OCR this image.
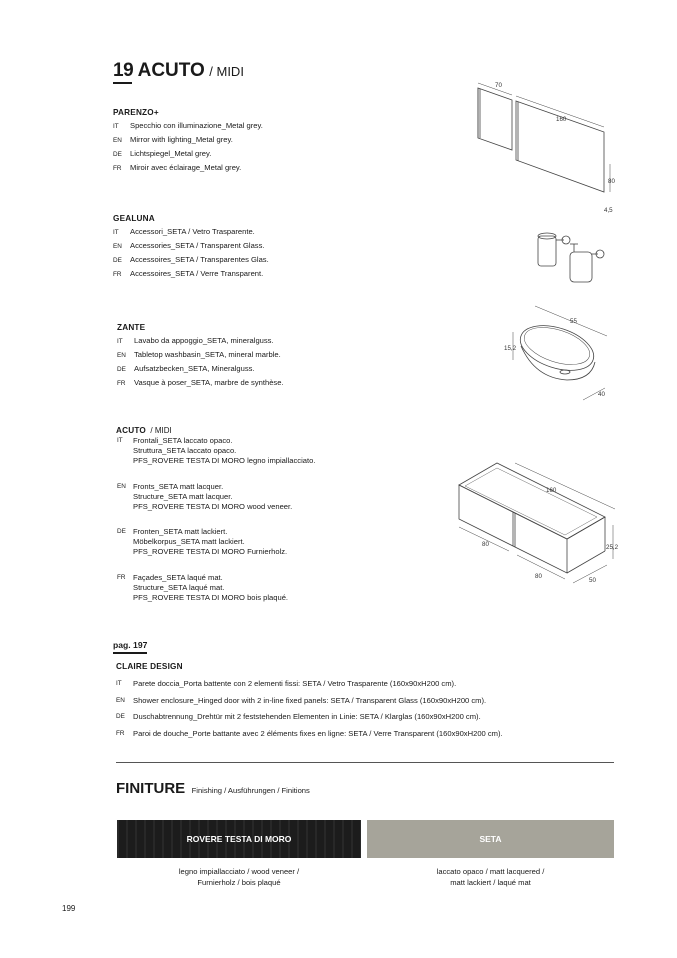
19 ACUTO / MIDI
PARENZO+
IT Specchio con illuminazione_Metal grey.
EN Mirror with lighting_Metal grey.
DE Lichtspiegel_Metal grey.
FR Miroir avec éclairage_Metal grey.
70
160
80
4,5
GEALUNA
IT Accessori_SETA / Vetro Trasparente.
EN Accessories_SETA / Transparent Glass.
DE Accessoires_SETA / Transparentes Glas.
FR Accessoires_SETA / Verre Transparent.
ZANTE
IT Lavabo da appoggio_SETA, mineralguss.
EN Tabletop washbasin_SETA, mineral marble.
DE Aufsatzbecken_SETA, Mineralguss.
FR Vasque à poser_SETA, marbre de synthèse.
55
15,2
40
ACUTO / MIDI
IT Frontali_SETA laccato opaco.
Struttura_SETA laccato opaco.
PFS_ROVERE TESTA DI MORO legno impiallacciato.
EN Fronts_SETA matt lacquer.
Structure_SETA matt lacquer.
PFS_ROVERE TESTA DI MORO wood veneer.
DE Fronten_SETA matt lackiert.
Möbelkorpus_SETA matt lackiert.
PFS_ROVERE TESTA DI MORO Furnierholz.
FR Façades_SETA laqué mat.
Structure_SETA laqué mat.
PFS_ROVERE TESTA DI MORO bois plaqué.
160
80
80
25,2
50
pag. 197
CLAIRE DESIGN
IT Parete doccia_Porta battente con 2 elementi fissi: SETA / Vetro Trasparente (160x90xH200 cm).
EN Shower enclosure_Hinged door with 2 in-line fixed panels: SETA / Transparent Glass (160x90xH200 cm).
DE Duschabtrennung_Drehtür mit 2 feststehenden Elementen in Linie: SETA / Klarglas (160x90xH200 cm).
FR Paroi de douche_Porte battante avec 2 éléments fixes en ligne: SETA / Verre Transparent (160x90xH200 cm).
FINITURE Finishing / Ausführungen / Finitions
ROVERE TESTA DI MORO	SETA
legno impiallacciato / wood veneer /
Furnierholz / bois plaqué
laccato opaco / matt lacquered /
matt lackiert / laqué mat
199
